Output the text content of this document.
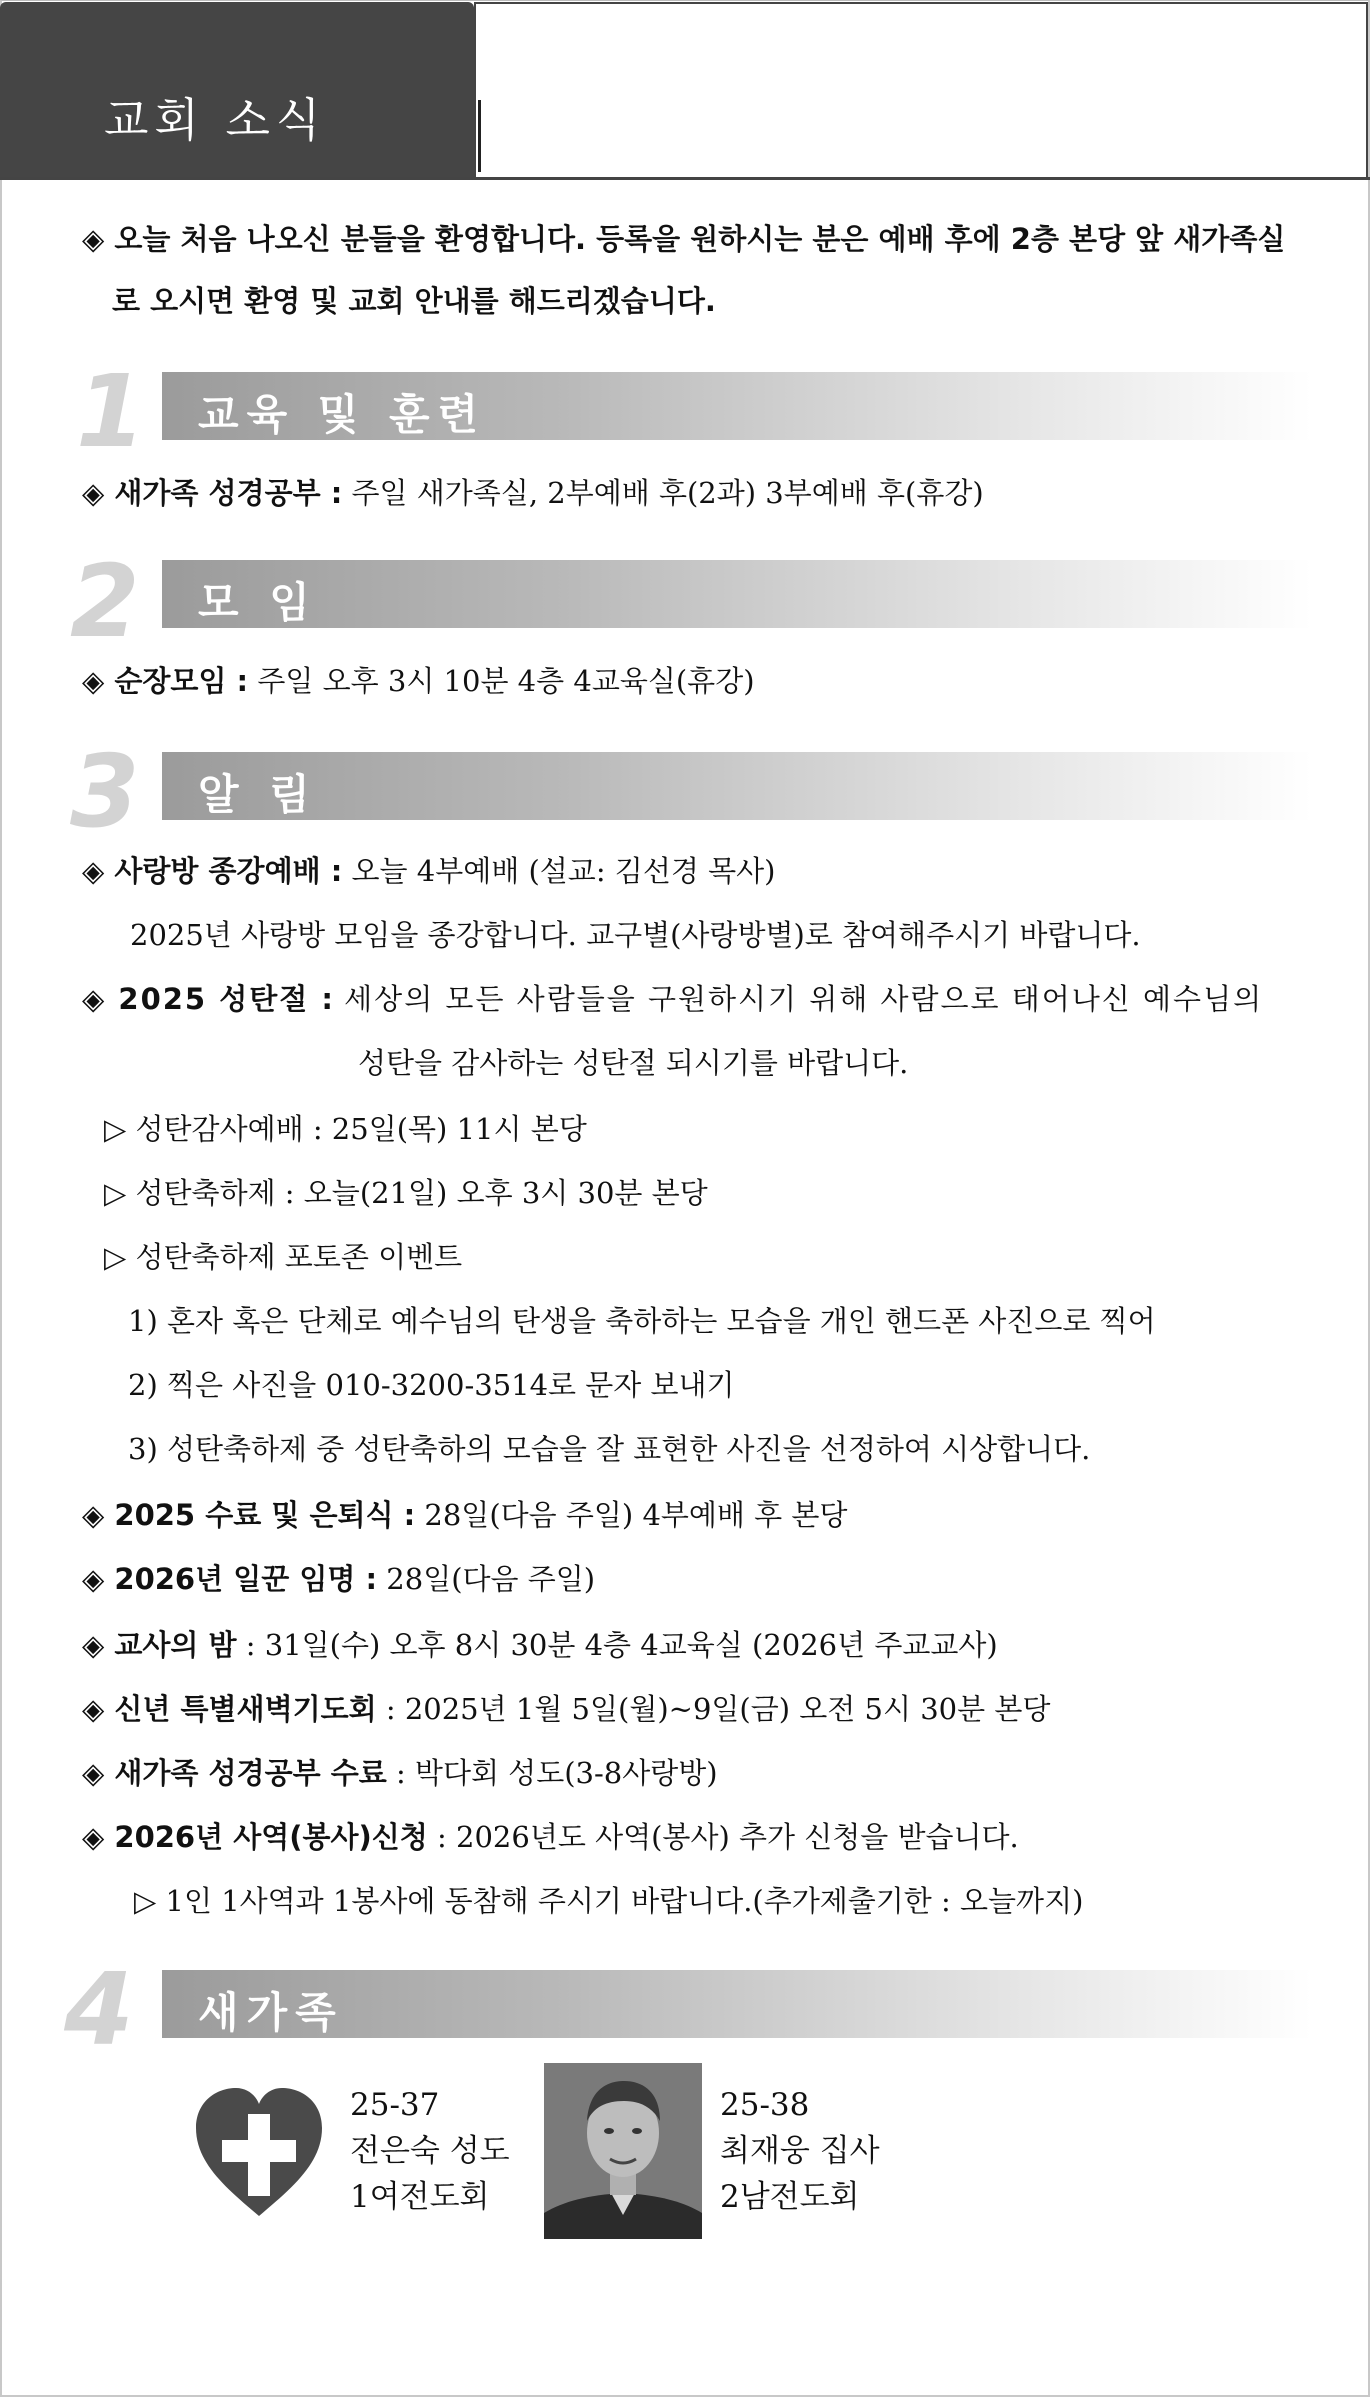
교회 소식
◈ 오늘 처음 나오신 분들을 환영합니다. 등록을 원하시는 분은 예배 후에 2층 본당 앞 새가족실
로 오시면 환영 및 교회 안내를 해드리겠습니다.
1 교육 및 훈련
◈ 새가족 성경공부 : 주일 새가족실, 2부예배 후(2과) 3부예배 후(휴강)
2 모 임
◈ 순장모임 : 주일 오후 3시 10분 4층 4교육실(휴강)
3 알 림
◈ 사랑방 종강예배 : 오늘 4부예배 (설교: 김선경 목사)
2025년 사랑방 모임을 종강합니다. 교구별(사랑방별)로 참여해주시기 바랍니다.
◈ 2025 성탄절 : 세상의 모든 사람들을 구원하시기 위해 사람으로 태어나신 예수님의
성탄을 감사하는 성탄절 되시기를 바랍니다.
▷ 성탄감사예배 : 25일(목) 11시 본당
▷ 성탄축하제 : 오늘(21일) 오후 3시 30분 본당
▷ 성탄축하제 포토존 이벤트
1) 혼자 혹은 단체로 예수님의 탄생을 축하하는 모습을 개인 핸드폰 사진으로 찍어
2) 찍은 사진을 010-3200-3514로 문자 보내기
3) 성탄축하제 중 성탄축하의 모습을 잘 표현한 사진을 선정하여 시상합니다.
◈ 2025 수료 및 은퇴식 : 28일(다음 주일) 4부예배 후 본당
◈ 2026년 일꾼 임명 : 28일(다음 주일)
◈ 교사의 밤 : 31일(수) 오후 8시 30분 4층 4교육실 (2026년 주교교사)
◈ 신년 특별새벽기도회 : 2025년 1월 5일(월)~9일(금) 오전 5시 30분 본당
◈ 새가족 성경공부 수료 : 박다회 성도(3-8사랑방)
◈ 2026년 사역(봉사)신청 : 2026년도 사역(봉사) 추가 신청을 받습니다.
▷ 1인 1사역과 1봉사에 동참해 주시기 바랍니다.(추가제출기한 : 오늘까지)
4 새가족
25-37
전은숙 성도
1여전도회
25-38
최재웅 집사
2남전도회
